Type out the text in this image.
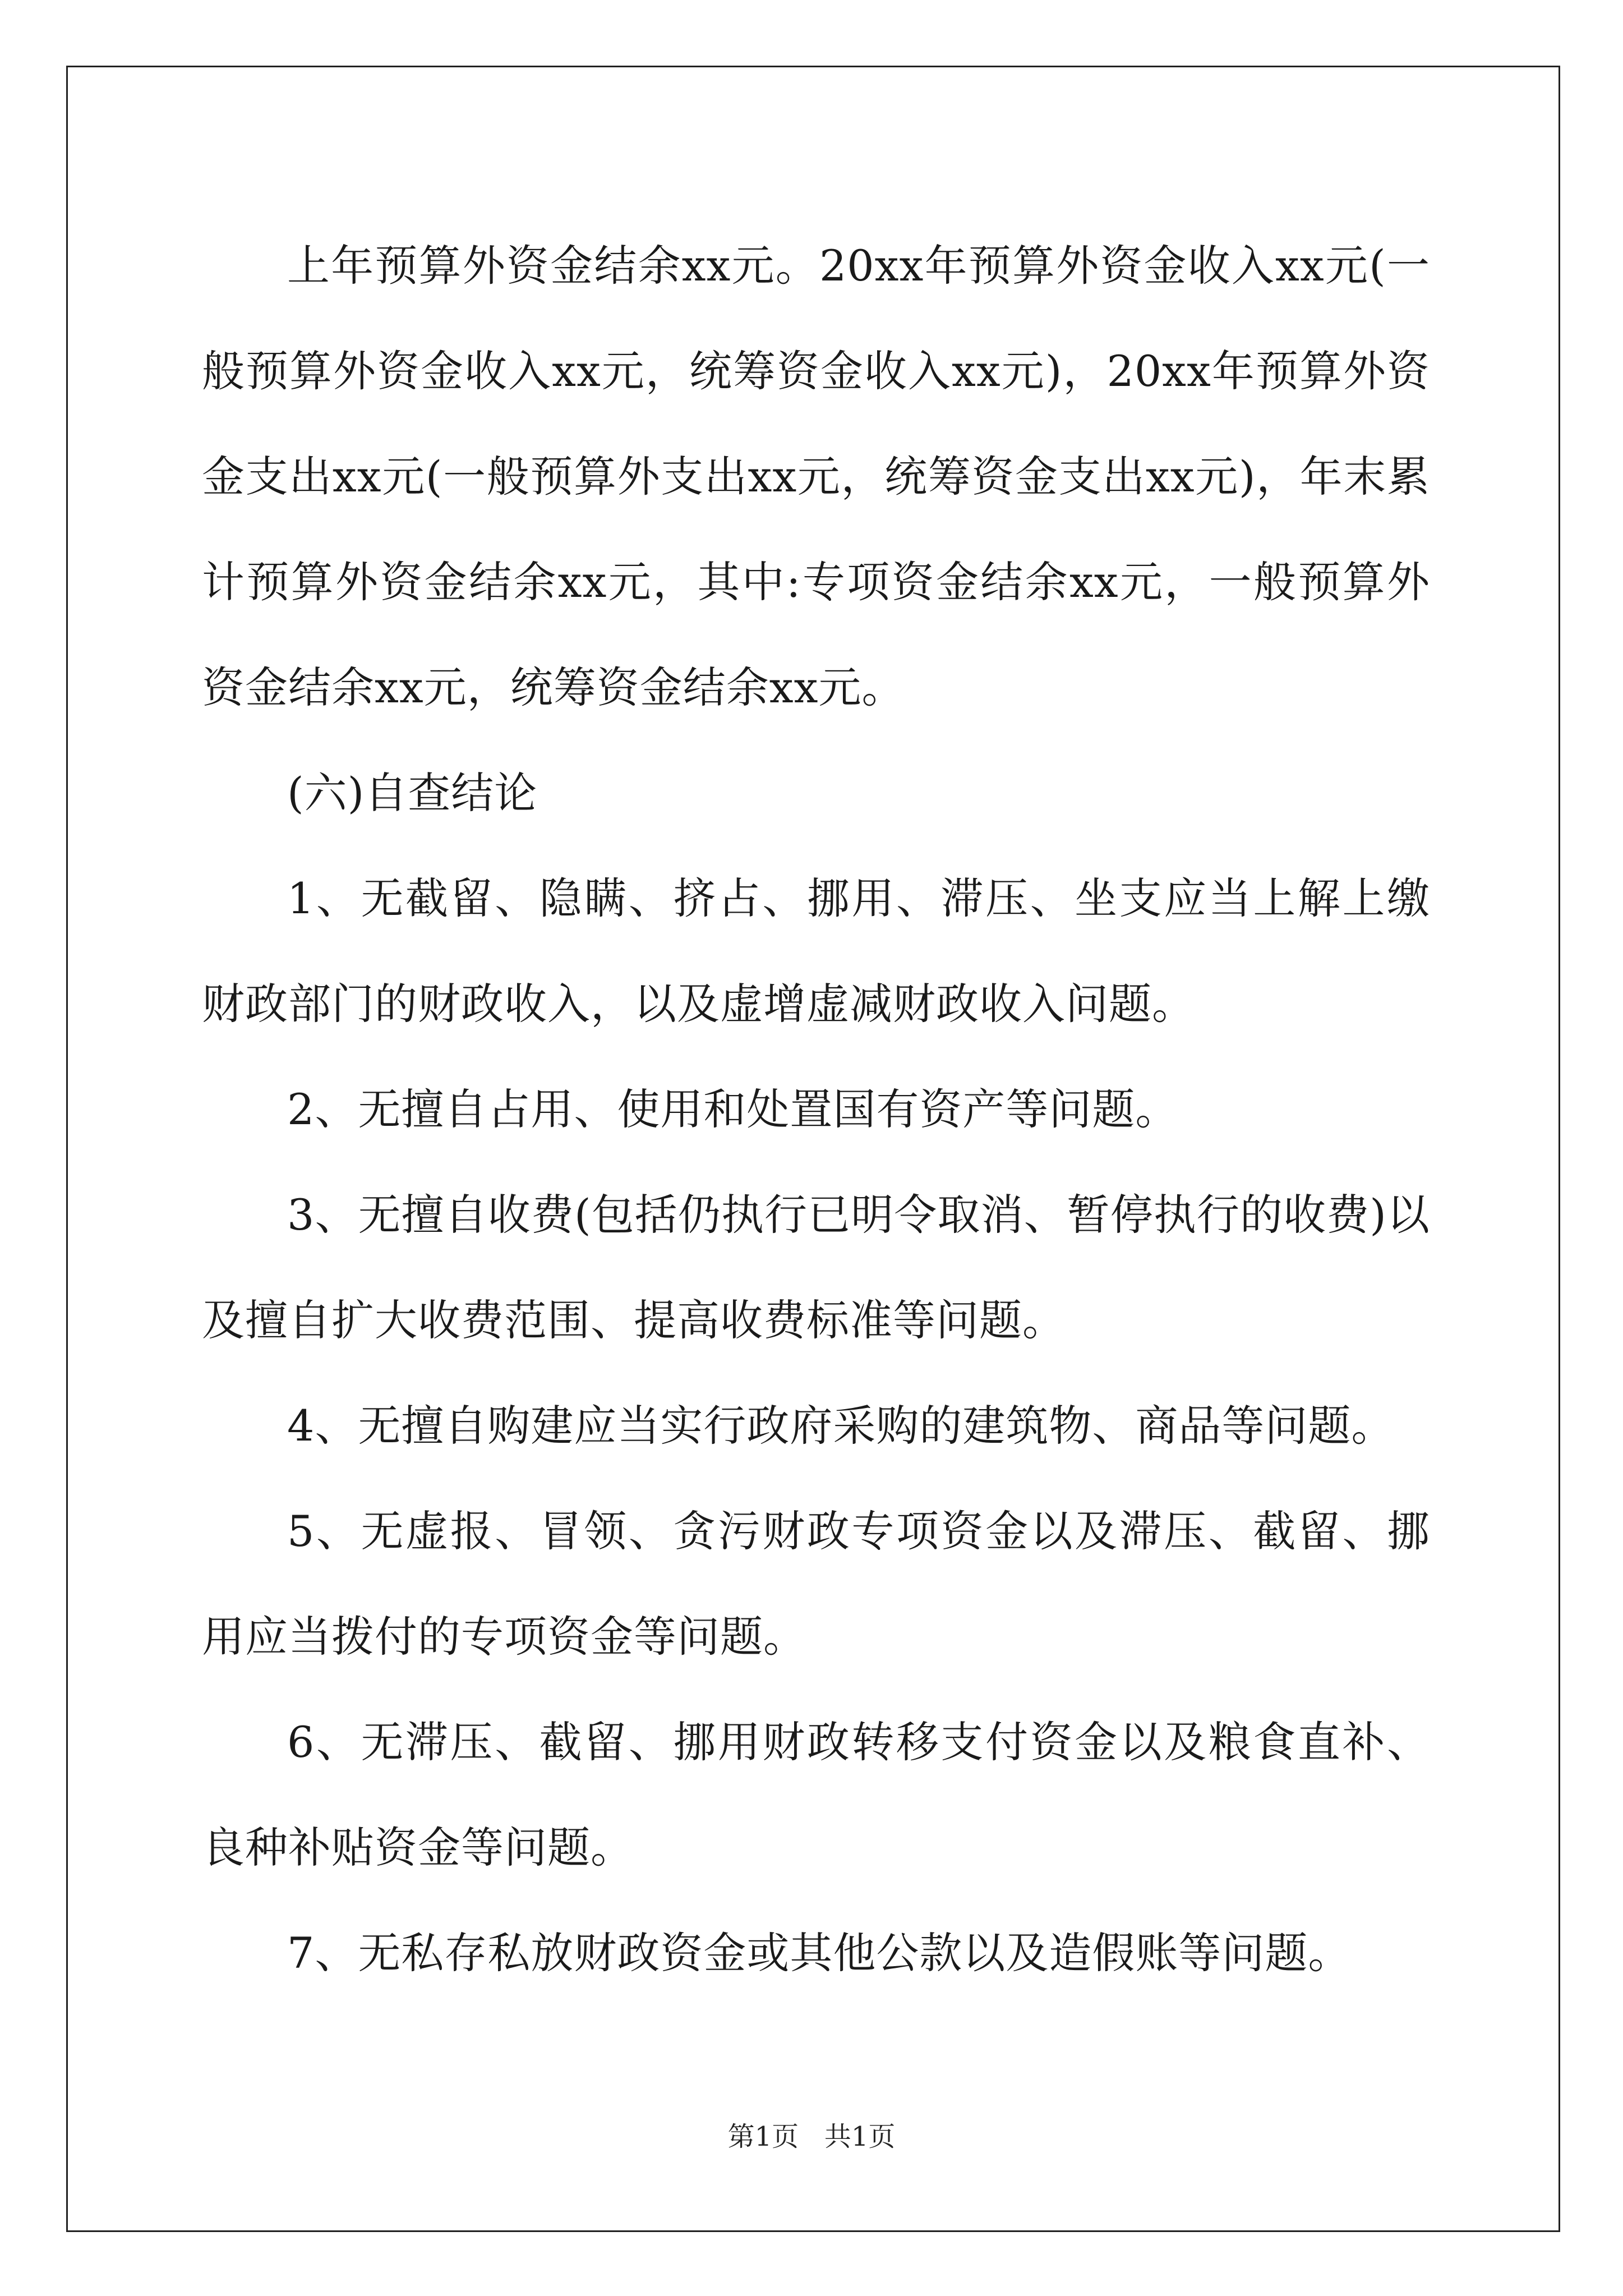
上年预算外资金结余xx元。20xx年预算外资金收入xx元(一般预算外资金收入xx元，统筹资金收入xx元)，20xx年预算外资金支出xx元(一般预算外支出xx元，统筹资金支出xx元)，年末累计预算外资金结余xx元，其中:专项资金结余xx元，一般预算外资金结余xx元，统筹资金结余xx元。

(六)自查结论

1、无截留、隐瞒、挤占、挪用、滞压、坐支应当上解上缴财政部门的财政收入，以及虚增虚减财政收入问题。

2、无擅自占用、使用和处置国有资产等问题。

3、无擅自收费(包括仍执行已明令取消、暂停执行的收费)以及擅自扩大收费范围、提高收费标准等问题。

4、无擅自购建应当实行政府采购的建筑物、商品等问题。

5、无虚报、冒领、贪污财政专项资金以及滞压、截留、挪用应当拨付的专项资金等问题。

6、无滞压、截留、挪用财政转移支付资金以及粮食直补、良种补贴资金等问题。

7、无私存私放财政资金或其他公款以及造假账等问题。

第1页   共1页
